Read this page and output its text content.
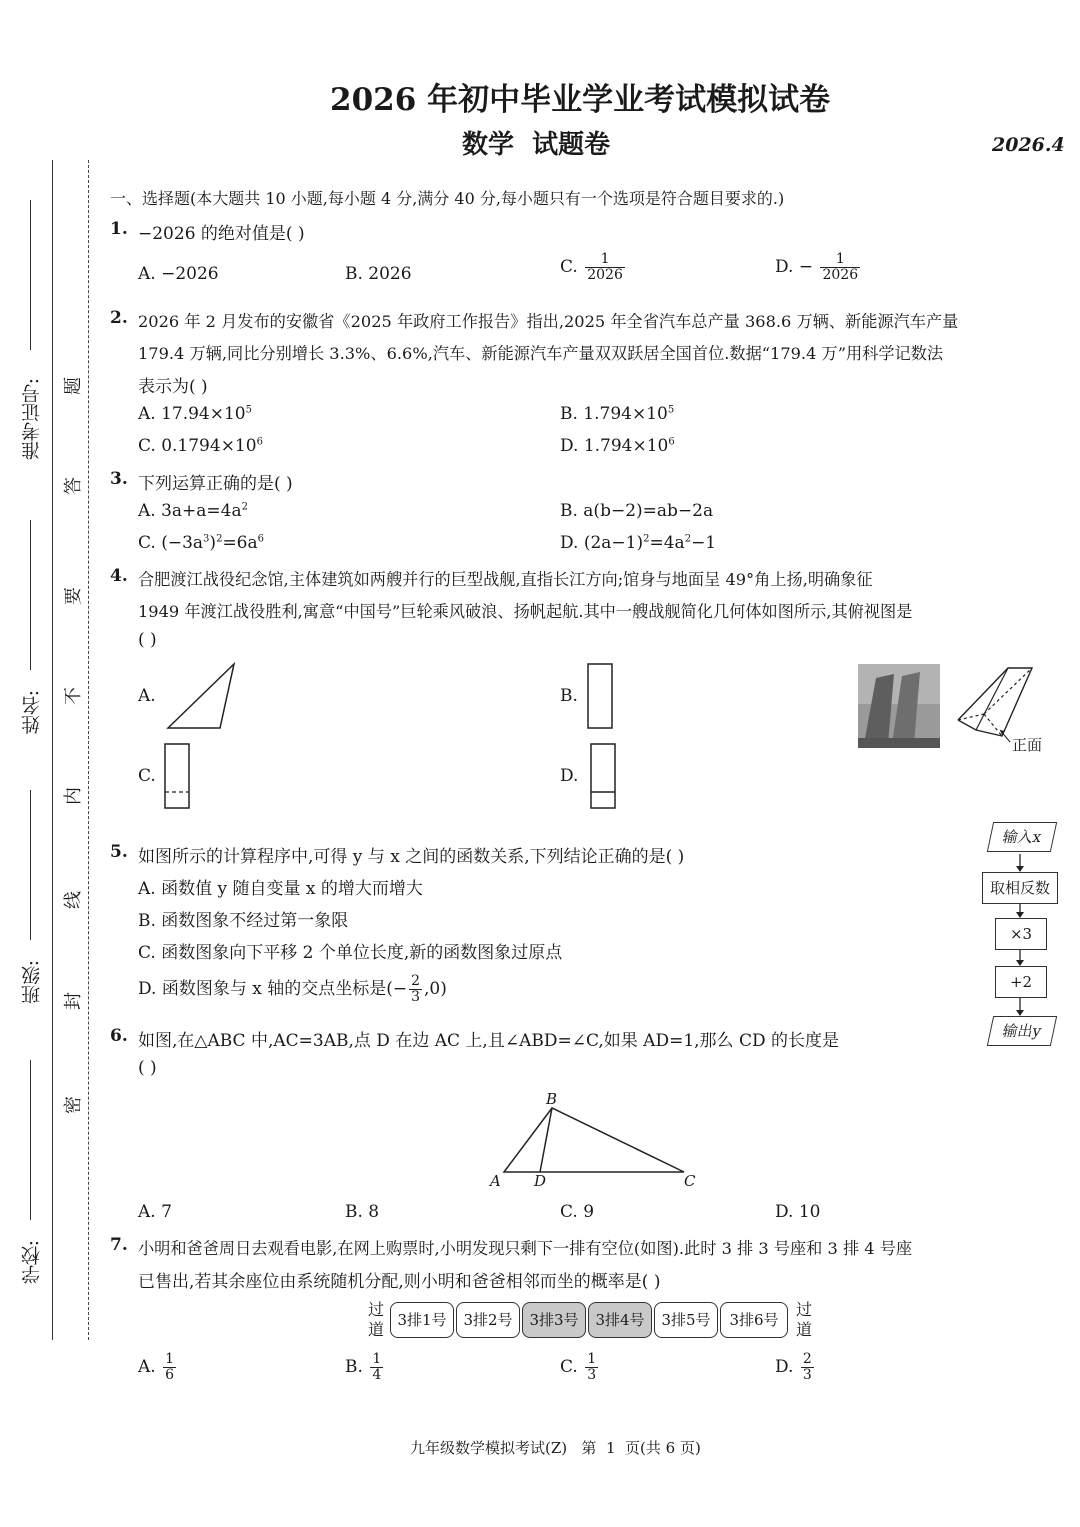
准考证号:
姓名:
班级:
学校:
题
答
要
不
内
线
封
密
2026 年初中毕业学业考试模拟试卷
数学  试题卷	2026.4
一、选择题(本大题共 10 小题,每小题 4 分,满分 40 分,每小题只有一个选项是符合题目要求的.)
1. −2026 的绝对值是( )
A. −2026	B. 2026	C. $\frac{1}{2026}$	D. − $\frac{1}{2026}$
2. 2026 年 2 月发布的安徽省《2025 年政府工作报告》指出,2025 年全省汽车总产量 368.6 万辆、新能源汽车产量
179.4 万辆,同比分别增长 3.3%、6.6%,汽车、新能源汽车产量双双跃居全国首位.数据“179.4 万”用科学记数法
表示为( )
A. $17.94\times 10^5$	B. $1.794\times 10^5$
C. $0.1794\times 10^6$	D. $1.794\times 10^6$
3. 下列运算正确的是( )
A. $3a+a=4a^2$	B. a(b−2)=ab−2a
C. $(-3a^3)^2=6a^6$	D. $(2a-1)^2=4a^2-1$
4. 合肥渡江战役纪念馆,主体建筑如两艘并行的巨型战舰,直指长江方向;馆身与地面呈 49°角上扬,明确象征
1949 年渡江战役胜利,寓意“中国号”巨轮乘风破浪、扬帆起航.其中一艘战舰简化几何体如图所示,其俯视图是
( )
A.	B.
C.	D.
正面
5. 如图所示的计算程序中,可得 y 与 x 之间的函数关系,下列结论正确的是( )
A. 函数值 y 随自变量 x 的增大而增大
B. 函数图象不经过第一象限
C. 函数图象向下平移 2 个单位长度,新的函数图象过原点
D. 函数图象与 x 轴的交点坐标是(− $\frac{2}{3} ,0$)
输入x
取相反数
×3
+2
输出y
6. 如图,在△ABC 中,AC=3AB,点 D 在边 AC 上,且∠ABD=∠C,如果 AD=1,那么 CD 的长度是
( )
B
A D	C
A. 7	B. 8	C. 9	D. 10
7. 小明和爸爸周日去观看电影,在网上购票时,小明发现只剩下一排有空位(如图).此时 3 排 3 号座和 3 排 4 号座
已售出,若其余座位由系统随机分配,则小明和爸爸相邻而坐的概率是( )
过
道 3排1号	3排2号	3排3号	3排4号	3排5号	3排6号
过
道
A. $\frac{1}{6}$	B. $\frac{1}{4}$	C. $\frac{1}{3}$	D. $\frac{2}{3}$
九年级数学模拟考试(Z)   第  1  页(共 6 页)
